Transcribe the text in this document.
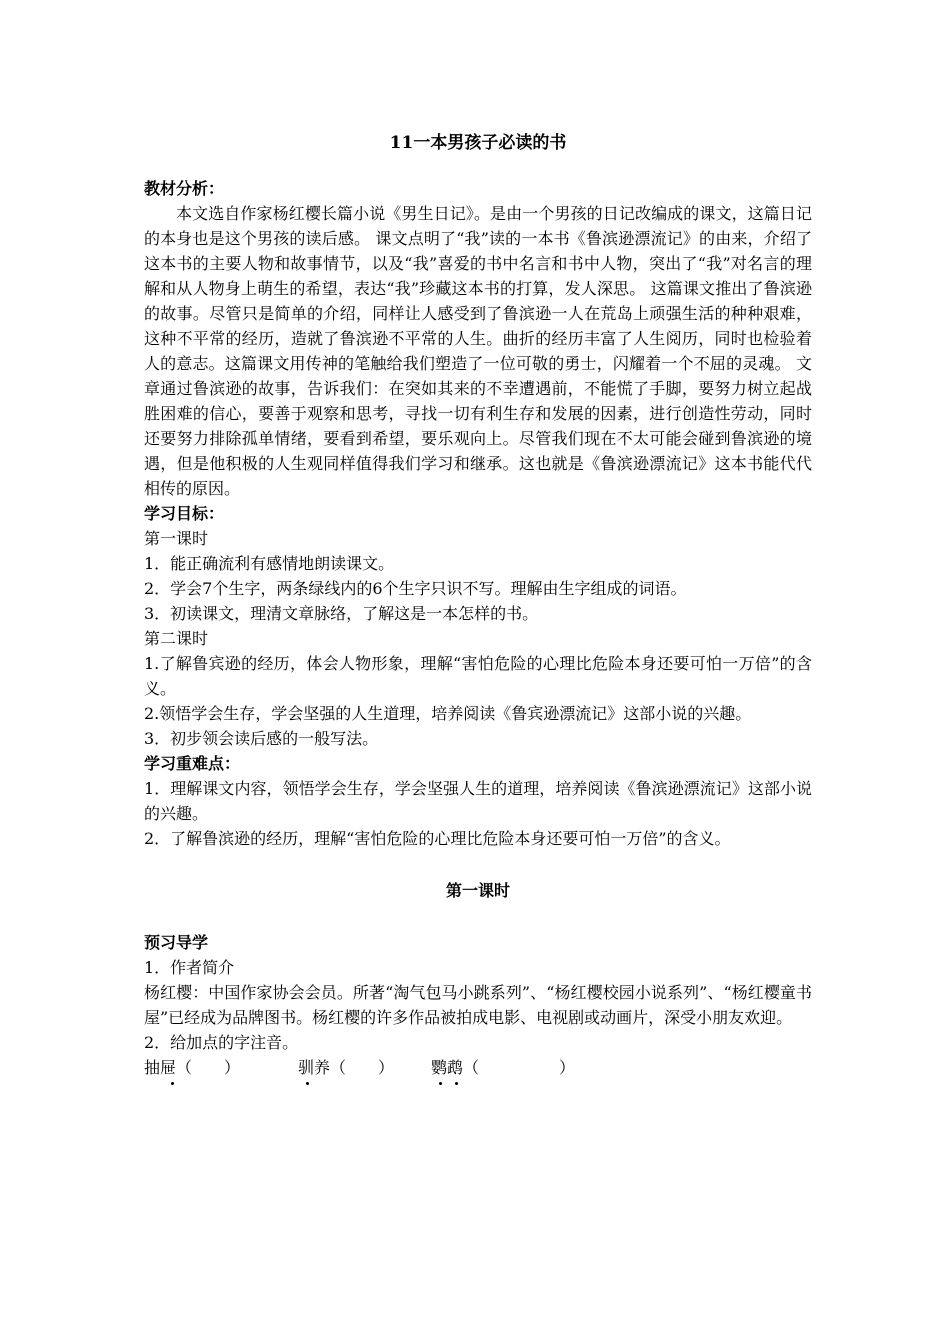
11一本男孩子必读的书
教材分析：
本文选自作家杨红樱长篇小说《男生日记》。是由一个男孩的日记改编成的课文，这篇日记的本身也是这个男孩的读后感。 课文点明了“我”读的一本书《鲁滨逊漂流记》的由来，介绍了这本书的主要人物和故事情节，以及“我”喜爱的书中名言和书中人物，突出了“我”对名言的理解和从人物身上萌生的希望，表达“我”珍藏这本书的打算，发人深思。 这篇课文推出了鲁滨逊的故事。尽管只是简单的介绍，同样让人感受到了鲁滨逊一人在荒岛上顽强生活的种种艰难，这种不平常的经历，造就了鲁滨逊不平常的人生。曲折的经历丰富了人生阅历，同时也检验着人的意志。这篇课文用传神的笔触给我们塑造了一位可敬的勇士，闪耀着一个不屈的灵魂。 文章通过鲁滨逊的故事，告诉我们：在突如其来的不幸遭遇前，不能慌了手脚，要努力树立起战胜困难的信心，要善于观察和思考，寻找一切有利生存和发展的因素，进行创造性劳动，同时还要努力排除孤单情绪，要看到希望，要乐观向上。尽管我们现在不太可能会碰到鲁滨逊的境遇，但是他积极的人生观同样值得我们学习和继承。这也就是《鲁滨逊漂流记》这本书能代代相传的原因。
学习目标：
第一课时
1．能正确流利有感情地朗读课文。
2．学会7个生字，两条绿线内的6个生字只识不写。理解由生字组成的词语。
3．初读课文，理清文章脉络，了解这是一本怎样的书。
第二课时
1.了解鲁宾逊的经历，体会人物形象，理解“害怕危险的心理比危险本身还要可怕一万倍”的含义。
2.领悟学会生存，学会坚强的人生道理，培养阅读《鲁宾逊漂流记》这部小说的兴趣。
3．初步领会读后感的一般写法。
学习重难点：
1．理解课文内容，领悟学会生存，学会坚强人生的道理，培养阅读《鲁滨逊漂流记》这部小说的兴趣。
2．了解鲁滨逊的经历，理解“害怕危险的心理比危险本身还要可怕一万倍”的含义。
第一课时
预习导学
1．作者简介
杨红樱：中国作家协会会员。所著“淘气包马小跳系列”、“杨红樱校园小说系列”、“杨红樱童书屋”已经成为品牌图书。杨红樱的许多作品被拍成电影、电视剧或动画片，深受小朋友欢迎。
2．给加点的字注音。
抽屉（　　）	驯养（　　） 鹦鹉（　　　　　）
